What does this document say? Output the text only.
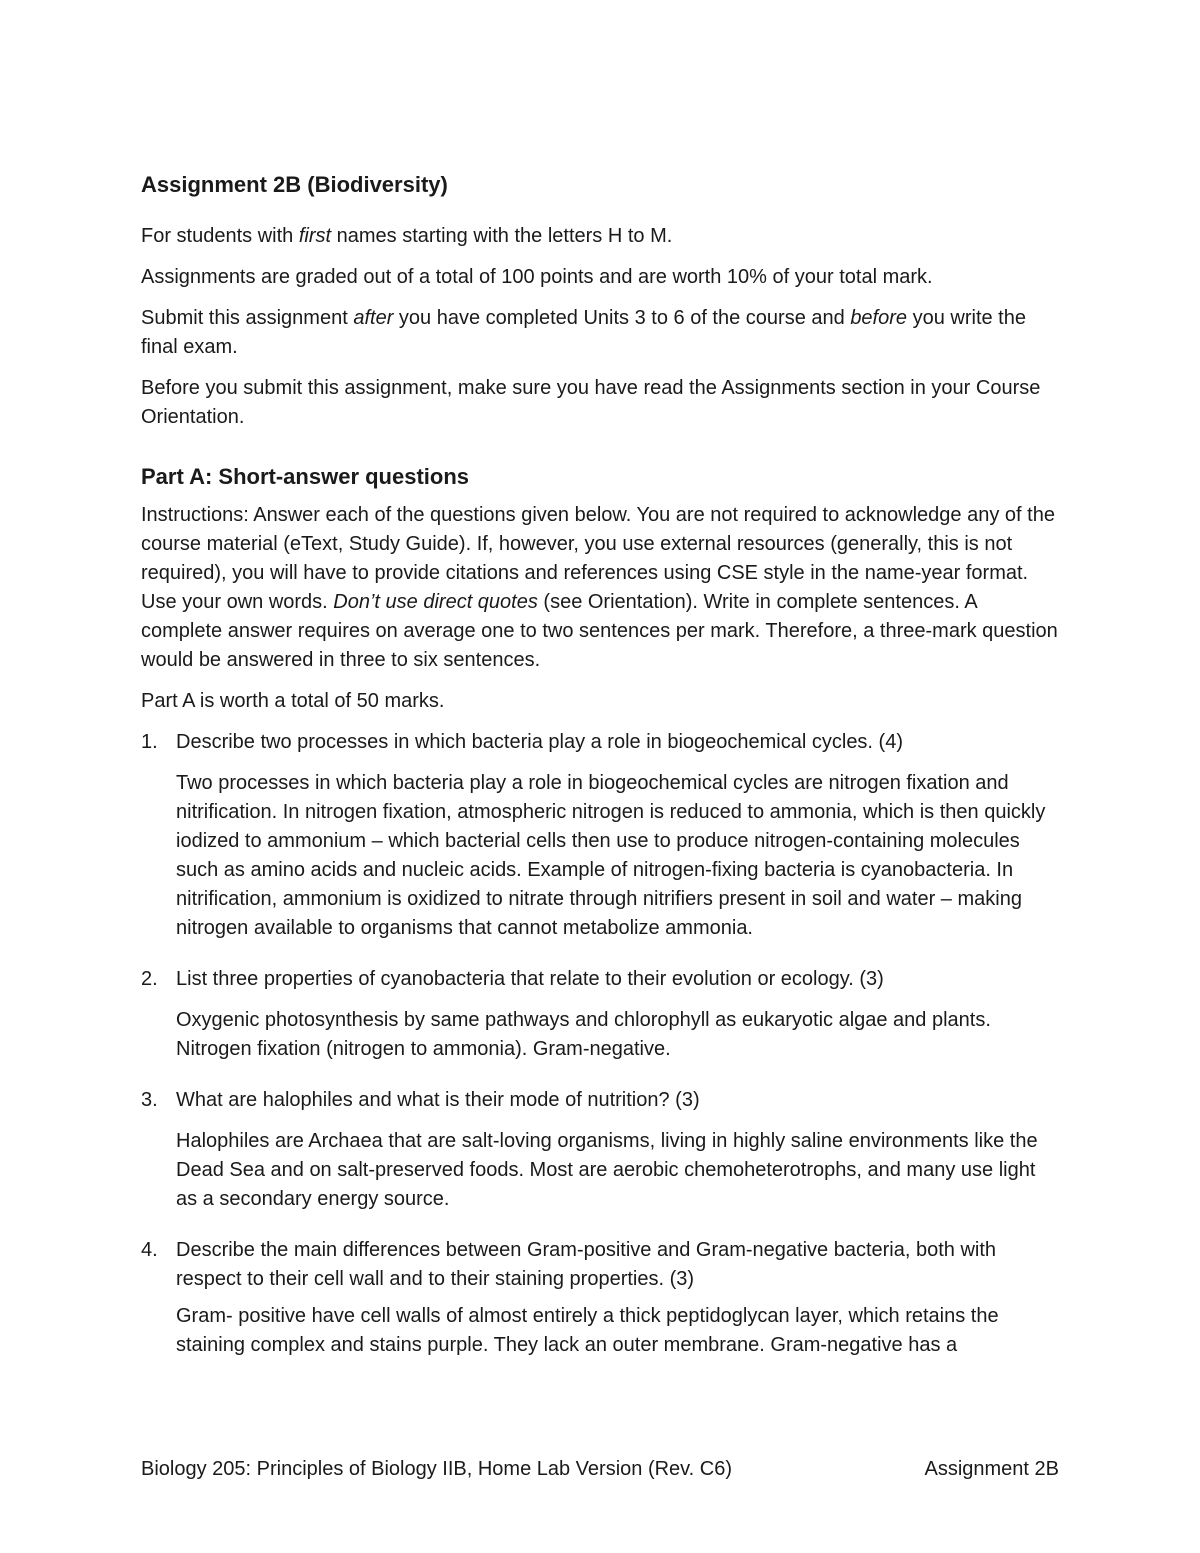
Assignment 2B (Biodiversity)

For students with first names starting with the letters H to M.

Assignments are graded out of a total of 100 points and are worth 10% of your total mark.

Submit this assignment after you have completed Units 3 to 6 of the course and before you write the final exam.

Before you submit this assignment, make sure you have read the Assignments section in your Course Orientation.

Part A: Short-answer questions

Instructions: Answer each of the questions given below. You are not required to acknowledge any of the course material (eText, Study Guide). If, however, you use external resources (generally, this is not required), you will have to provide citations and references using CSE style in the name-year format. Use your own words. Don’t use direct quotes (see Orientation). Write in complete sentences. A complete answer requires on average one to two sentences per mark. Therefore, a three-mark question would be answered in three to six sentences.

Part A is worth a total of 50 marks.

1. Describe two processes in which bacteria play a role in biogeochemical cycles. (4)
Two processes in which bacteria play a role in biogeochemical cycles are nitrogen fixation and nitrification. In nitrogen fixation, atmospheric nitrogen is reduced to ammonia, which is then quickly iodized to ammonium – which bacterial cells then use to produce nitrogen-containing molecules such as amino acids and nucleic acids. Example of nitrogen-fixing bacteria is cyanobacteria. In nitrification, ammonium is oxidized to nitrate through nitrifiers present in soil and water – making nitrogen available to organisms that cannot metabolize ammonia.
2. List three properties of cyanobacteria that relate to their evolution or ecology. (3)
Oxygenic photosynthesis by same pathways and chlorophyll as eukaryotic algae and plants. Nitrogen fixation (nitrogen to ammonia). Gram-negative.
3. What are halophiles and what is their mode of nutrition? (3)
Halophiles are Archaea that are salt-loving organisms, living in highly saline environments like the Dead Sea and on salt-preserved foods. Most are aerobic chemoheterotrophs, and many use light as a secondary energy source.
4. Describe the main differences between Gram-positive and Gram-negative bacteria, both with respect to their cell wall and to their staining properties. (3)
Gram- positive have cell walls of almost entirely a thick peptidoglycan layer, which retains the staining complex and stains purple. They lack an outer membrane. Gram-negative has a
Biology 205: Principles of Biology IIB, Home Lab Version (Rev. C6)	Assignment 2B
